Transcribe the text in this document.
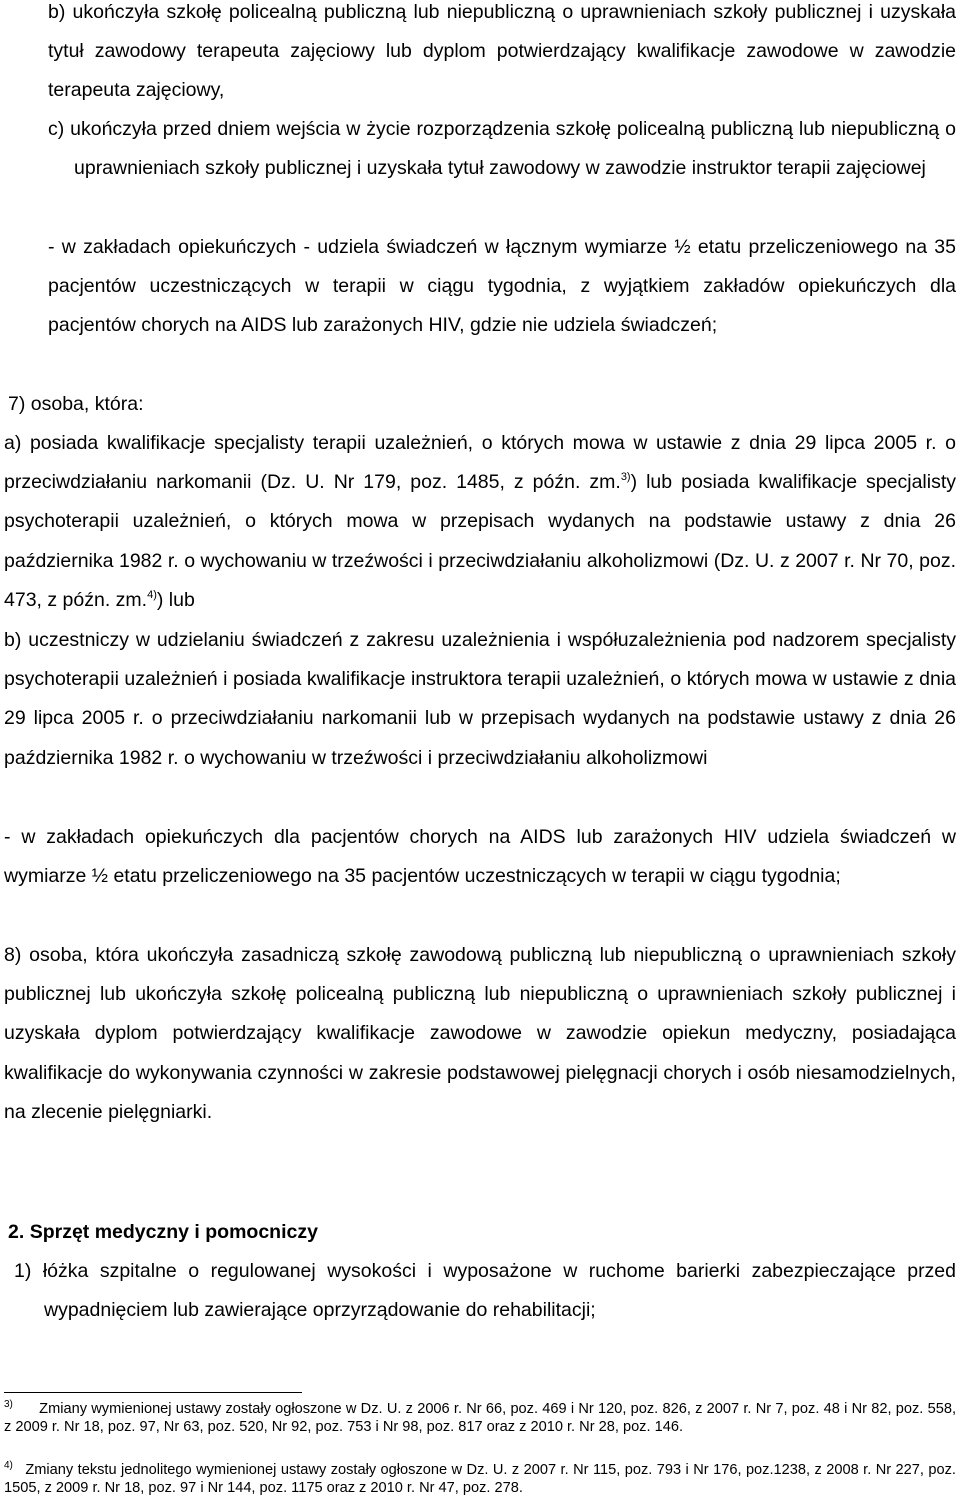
b) ukończyła szkołę policealną publiczną lub niepubliczną o uprawnieniach szkoły publicznej i uzyskała tytuł zawodowy terapeuta zajęciowy lub dyplom potwierdzający kwalifikacje zawodowe w zawodzie terapeuta zajęciowy,

c) ukończyła przed dniem wejścia w życie rozporządzenia szkołę policealną publiczną lub niepubliczną o uprawnieniach szkoły publicznej i uzyskała tytuł zawodowy w zawodzie instruktor terapii zajęciowej

- w zakładach opiekuńczych - udziela świadczeń w łącznym wymiarze ½ etatu przeliczeniowego na 35 pacjentów uczestniczących w terapii w ciągu tygodnia, z wyjątkiem zakładów opiekuńczych dla pacjentów chorych na AIDS lub zarażonych HIV, gdzie nie udziela świadczeń;

7) osoba, która:

a) posiada kwalifikacje specjalisty terapii uzależnień, o których mowa w ustawie z dnia 29 lipca 2005 r. o przeciwdziałaniu narkomanii (Dz. U. Nr 179, poz. 1485, z późn. zm.$^{3)}$) lub posiada kwalifikacje specjalisty psychoterapii uzależnień, o których mowa w przepisach wydanych na podstawie ustawy z dnia 26 października 1982 r. o wychowaniu w trzeźwości i przeciwdziałaniu alkoholizmowi (Dz. U. z 2007 r. Nr 70, poz. 473, z późn. zm.$^{4)}$) lub

b) uczestniczy w udzielaniu świadczeń z zakresu uzależnienia i współuzależnienia pod nadzorem specjalisty psychoterapii uzależnień i posiada kwalifikacje instruktora terapii uzależnień, o których mowa w ustawie z dnia 29 lipca 2005 r. o przeciwdziałaniu narkomanii lub w przepisach wydanych na podstawie ustawy z dnia 26 października 1982 r. o wychowaniu w trzeźwości i przeciwdziałaniu alkoholizmowi

- w zakładach opiekuńczych dla pacjentów chorych na AIDS lub zarażonych HIV udziela świadczeń w wymiarze ½ etatu przeliczeniowego na 35 pacjentów uczestniczących w terapii w ciągu tygodnia;

8) osoba, która ukończyła zasadniczą szkołę zawodową publiczną lub niepubliczną o uprawnieniach szkoły publicznej lub ukończyła szkołę policealną publiczną lub niepubliczną o uprawnieniach szkoły publicznej i uzyskała dyplom potwierdzający kwalifikacje zawodowe w zawodzie opiekun medyczny, posiadająca kwalifikacje do wykonywania czynności w zakresie podstawowej pielęgnacji chorych i osób niesamodzielnych, na zlecenie pielęgniarki.

2. Sprzęt medyczny i pomocniczy

1) łóżka szpitalne o regulowanej wysokości i wyposażone w ruchome barierki zabezpieczające przed wypadnięciem lub zawierające oprzyrządowanie do rehabilitacji;

$^{3)}$ Zmiany wymienionej ustawy zostały ogłoszone w Dz. U. z 2006 r. Nr 66, poz. 469 i Nr 120, poz. 826, z 2007 r. Nr 7, poz. 48 i Nr 82, poz. 558, z 2009 r. Nr 18, poz. 97, Nr 63, poz. 520, Nr 92, poz. 753 i Nr 98, poz. 817 oraz z 2010 r. Nr 28, poz. 146.

$^{4)}$ Zmiany tekstu jednolitego wymienionej ustawy zostały ogłoszone w Dz. U. z 2007 r. Nr 115, poz. 793 i Nr 176, poz.1238, z 2008 r. Nr 227, poz. 1505, z 2009 r. Nr 18, poz. 97 i Nr 144, poz. 1175 oraz z 2010 r. Nr 47, poz. 278.
